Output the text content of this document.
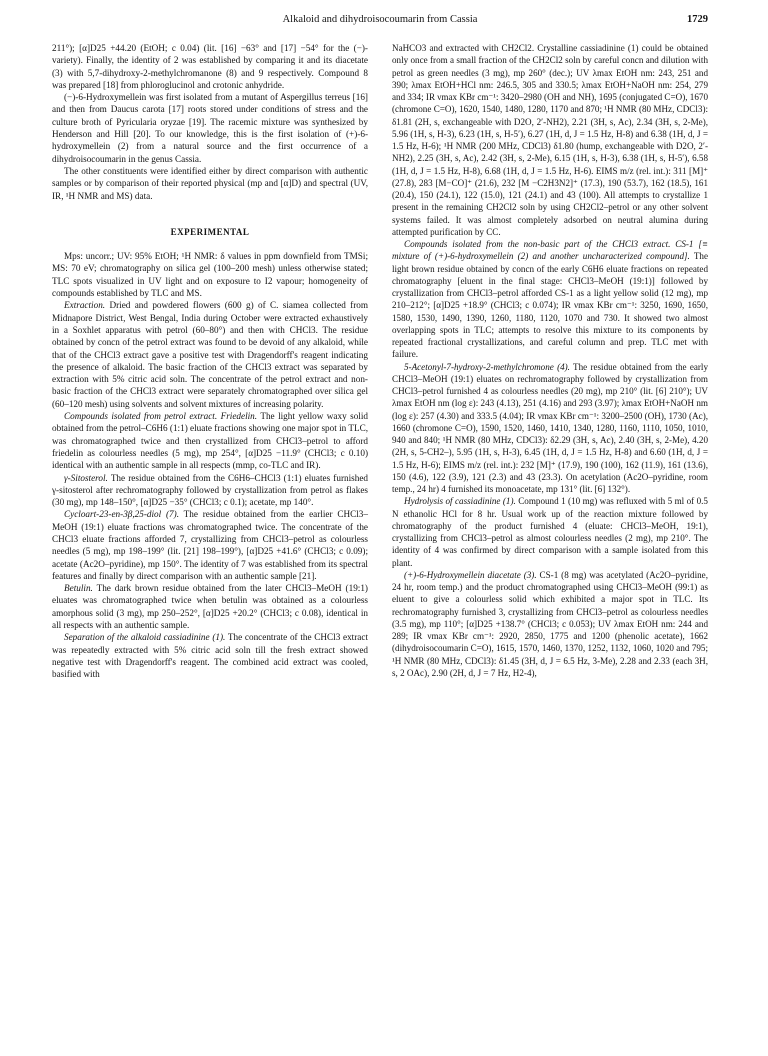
Alkaloid and dihydroisocoumarin from Cassia	1729

211°); [α]D25 +44.20 (EtOH; c 0.04) (lit. [16] −63° and [17] −54° for the (−)-variety). Finally, the identity of 2 was established by comparing it and its diacetate (3) with 5,7-dihydroxy-2-methylchromanone (8) and 9 respectively. Compound 8 was prepared [18] from phloroglucinol and crotonic anhydride.

(−)-6-Hydroxymellein was first isolated from a mutant of Aspergillus terreus [16] and then from Daucus carota [17] roots stored under conditions of stress and the culture broth of Pyricularia oryzae [19]. The racemic mixture was synthesized by Henderson and Hill [20]. To our knowledge, this is the first isolation of (+)-6-hydroxymellein (2) from a natural source and the first occurrence of a dihydroisocoumarin in the genus Cassia.

The other constituents were identified either by direct comparison with authentic samples or by comparison of their reported physical (mp and [α]D) and spectral (UV, IR, ¹H NMR and MS) data.

EXPERIMENTAL

Mps: uncorr.; UV: 95% EtOH; ¹H NMR: δ values in ppm downfield from TMSi; MS: 70 eV; chromatography on silica gel (100–200 mesh) unless otherwise stated; TLC spots visualized in UV light and on exposure to I2 vapour; homogeneity of compounds established by TLC and MS.

Extraction. Dried and powdered flowers (600 g) of C. siamea collected from Midnapore District, West Bengal, India during October were extracted exhaustively in a Soxhlet apparatus with petrol (60–80°) and then with CHCl3. The residue obtained by concn of the petrol extract was found to be devoid of any alkaloid, while that of the CHCl3 extract gave a positive test with Dragendorff's reagent indicating the presence of alkaloid. The basic fraction of the CHCl3 extract was separated by extraction with 5% citric acid soln. The concentrate of the petrol extract and non-basic fraction of the CHCl3 extract were separately chromatographed over silica gel (60–120 mesh) using solvents and solvent mixtures of increasing polarity.

Compounds isolated from petrol extract. Friedelin. The light yellow waxy solid obtained from the petrol–C6H6 (1:1) eluate fractions showing one major spot in TLC, was chromatographed twice and then crystallized from CHCl3–petrol to afford friedelin as colourless needles (5 mg), mp 254°, [α]D25 −11.9° (CHCl3; c 0.10) identical with an authentic sample in all respects (mmp, co-TLC and IR).

γ-Sitosterol. The residue obtained from the C6H6–CHCl3 (1:1) eluates furnished γ-sitosterol after rechromatography followed by crystallization from petrol as flakes (30 mg), mp 148–150°, [α]D25 −35° (CHCl3; c 0.1); acetate, mp 140°.

Cycloart-23-en-3β,25-diol (7). The residue obtained from the earlier CHCl3–MeOH (19:1) eluate fractions was chromatographed twice. The concentrate of the CHCl3 eluate fractions afforded 7, crystallizing from CHCl3–petrol as colourless needles (5 mg), mp 198–199° (lit. [21] 198–199°), [α]D25 +41.6° (CHCl3; c 0.09); acetate (Ac2O–pyridine), mp 150°. The identity of 7 was established from its spectral features and finally by direct comparison with an authentic sample [21].

Betulin. The dark brown residue obtained from the later CHCl3–MeOH (19:1) eluates was chromatographed twice when betulin was obtained as a colourless amorphous solid (3 mg), mp 250–252°, [α]D25 +20.2° (CHCl3; c 0.08), identical in all respects with an authentic sample.

Separation of the alkaloid cassiadinine (1). The concentrate of the CHCl3 extract was repeatedly extracted with 5% citric acid soln till the fresh extract showed negative test with Dragendorff's reagent. The combined acid extract was cooled, basified with

NaHCO3 and extracted with CH2Cl2. Crystalline cassiadinine (1) could be obtained only once from a small fraction of the CH2Cl2 soln by careful concn and dilution with petrol as green needles (3 mg), mp 260° (dec.); UV λmax EtOH nm: 243, 251 and 390; λmax EtOH+HCl nm: 246.5, 305 and 330.5; λmax EtOH+NaOH nm: 254, 279 and 334; IR νmax KBr cm⁻¹: 3420–2980 (OH and NH), 1695 (conjugated C=O), 1670 (chromone C=O), 1620, 1540, 1480, 1280, 1170 and 870; ¹H NMR (80 MHz, CDCl3): δ1.81 (2H, s, exchangeable with D2O, 2′-NH2), 2.21 (3H, s, Ac), 2.34 (3H, s, 2-Me), 5.96 (1H, s, H-3), 6.23 (1H, s, H-5′), 6.27 (1H, d, J = 1.5 Hz, H-8) and 6.38 (1H, d, J = 1.5 Hz, H-6); ¹H NMR (200 MHz, CDCl3) δ1.80 (hump, exchangeable with D2O, 2′-NH2), 2.25 (3H, s, Ac), 2.42 (3H, s, 2-Me), 6.15 (1H, s, H-3), 6.38 (1H, s, H-5′), 6.58 (1H, d, J = 1.5 Hz, H-8), 6.68 (1H, d, J = 1.5 Hz, H-6). EIMS m/z (rel. int.): 311 [M]⁺ (27.8), 283 [M−CO]⁺ (21.6), 232 [M −C2H3N2]⁺ (17.3), 190 (53.7), 162 (18.5), 161 (20.4), 150 (24.1), 122 (15.0), 121 (24.1) and 43 (100). All attempts to crystallize 1 present in the remaining CH2Cl2 soln by using CH2Cl2–petrol or any other solvent systems failed. It was almost completely adsorbed on neutral alumina during attempted purification by CC.

Compounds isolated from the non-basic part of the CHCl3 extract. CS-1 [≡ mixture of (+)-6-hydroxymellein (2) and another uncharacterized compound]. The light brown residue obtained by concn of the early C6H6 eluate fractions on repeated chromatography [eluent in the final stage: CHCl3–MeOH (19:1)] followed by crystallization from CHCl3–petrol afforded CS-1 as a light yellow solid (12 mg), mp 210–212°; [α]D25 +18.9° (CHCl3; c 0.074); IR νmax KBr cm⁻¹: 3250, 1690, 1650, 1580, 1530, 1490, 1390, 1260, 1180, 1120, 1070 and 730. It showed two almost overlapping spots in TLC; attempts to resolve this mixture to its components by repeated fractional crystallizations, and careful column and prep. TLC met with failure.

5-Acetonyl-7-hydroxy-2-methylchromone (4). The residue obtained from the early CHCl3–MeOH (19:1) eluates on rechromatography followed by crystallization from CHCl3–petrol furnished 4 as colourless needles (20 mg), mp 210° (lit. [6] 210°); UV λmax EtOH nm (log ε): 243 (4.13), 251 (4.16) and 293 (3.97); λmax EtOH+NaOH nm (log ε): 257 (4.30) and 333.5 (4.04); IR νmax KBr cm⁻¹: 3200–2500 (OH), 1730 (Ac), 1660 (chromone C=O), 1590, 1520, 1460, 1410, 1340, 1280, 1160, 1110, 1050, 1010, 940 and 840; ¹H NMR (80 MHz, CDCl3): δ2.29 (3H, s, Ac), 2.40 (3H, s, 2-Me), 4.20 (2H, s, 5-CH2–), 5.95 (1H, s, H-3), 6.45 (1H, d, J = 1.5 Hz, H-8) and 6.60 (1H, d, J = 1.5 Hz, H-6); EIMS m/z (rel. int.): 232 [M]⁺ (17.9), 190 (100), 162 (11.9), 161 (13.6), 150 (4.6), 122 (3.9), 121 (2.3) and 43 (23.3). On acetylation (Ac2O–pyridine, room temp., 24 hr) 4 furnished its monoacetate, mp 131° (lit. [6] 132°).

Hydrolysis of cassiadinine (1). Compound 1 (10 mg) was refluxed with 5 ml of 0.5 N ethanolic HCl for 8 hr. Usual work up of the reaction mixture followed by chromatography of the product furnished 4 (eluate: CHCl3–MeOH, 19:1), crystallizing from CHCl3–petrol as almost colourless needles (2 mg), mp 210°. The identity of 4 was confirmed by direct comparison with a sample isolated from this plant.

(+)-6-Hydroxymellein diacetate (3). CS-1 (8 mg) was acetylated (Ac2O–pyridine, 24 hr, room temp.) and the product chromatographed using CHCl3–MeOH (99:1) as eluent to give a colourless solid which exhibited a major spot in TLC. Its rechromatography furnished 3, crystallizing from CHCl3–petrol as colourless needles (3.5 mg), mp 110°; [α]D25 +138.7° (CHCl3; c 0.053); UV λmax EtOH nm: 244 and 289; IR νmax KBr cm⁻¹: 2920, 2850, 1775 and 1200 (phenolic acetate), 1662 (dihydroisocoumarin C=O), 1615, 1570, 1460, 1370, 1252, 1132, 1060, 1020 and 795; ¹H NMR (80 MHz, CDCl3): δ1.45 (3H, d, J = 6.5 Hz, 3-Me), 2.28 and 2.33 (each 3H, s, 2 OAc), 2.90 (2H, d, J = 7 Hz, H2-4),
